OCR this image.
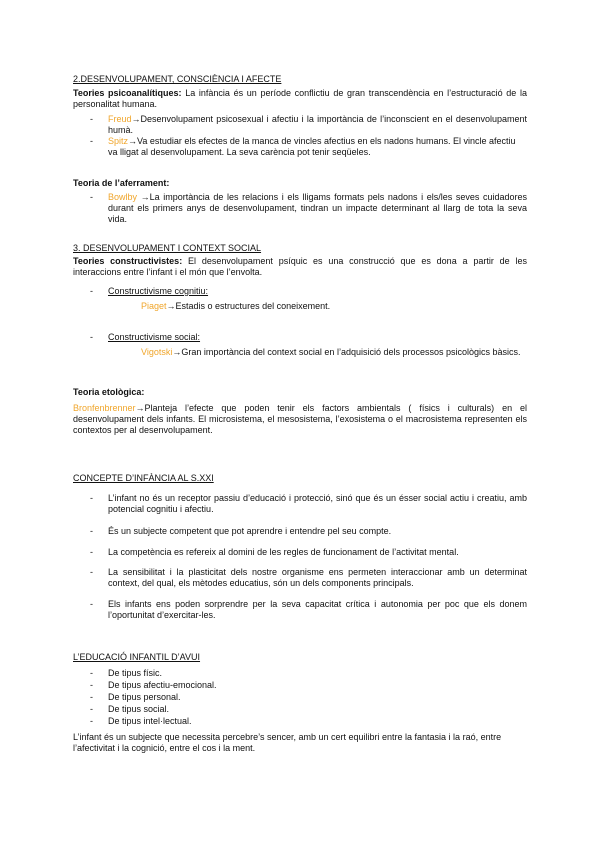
2.DESENVOLUPAMENT, CONSCIÈNCIA I AFECTE
Teories psicoanalítiques: La infància és un període conflictiu de gran transcendència en l’estructuració de la personalitat humana.
-	Freud→Desenvolupament psicosexual i afectiu i la importància de l’inconscient en el desenvolupament humà.
-	Spitz→Va estudiar els efectes de la manca de vincles afectius en els nadons humans. El vincle afectiu va lligat al desenvolupament. La seva carència pot tenir seqüeles.
Teoria de l’aferrament:
-	Bowlby →La importància de les relacions i els lligams formats pels nadons i els/les seves cuidadores durant els primers anys de desenvolupament, tindran un impacte determinant al llarg de tota la seva vida.
3. DESENVOLUPAMENT I CONTEXT SOCIAL
Teories constructivistes: El desenvolupament psíquic es una construcció que es dona a partir de les interaccions entre l’infant i el món que l’envolta.
-	Constructivisme cognitiu:
Piaget→Estadis o estructures del coneixement.
-	Constructivisme social:
Vigotski→Gran importància del context social en l’adquisició dels processos psicològics bàsics.
Teoria etològica:
Bronfenbrenner→Planteja l’efecte que poden tenir els factors ambientals ( físics i culturals) en el desenvolupament dels infants. El microsistema, el mesosistema, l’exosistema o el macrosistema representen els contextos per al desenvolupament.
CONCEPTE D’INFÀNCIA AL S.XXI
-	L’infant no és un receptor passiu d’educació i protecció, sinó que és un ésser social actiu i creatiu, amb potencial cognitiu i afectiu.
-	És un subjecte competent que pot aprendre i entendre pel seu compte.
-	La competència es refereix al domini de les regles de funcionament de l’activitat mental.
-	La sensibilitat i la plasticitat dels nostre organisme ens permeten interaccionar amb un determinat context, del qual, els mètodes educatius, són un dels components principals.
-	Els infants ens poden sorprendre per la seva capacitat crítica i autonomia per poc que els donem l’oportunitat d’exercitar-les.
L’EDUCACIÓ INFANTIL D’AVUI
-	De tipus físic.
-	De tipus afectiu-emocional.
-	De tipus personal.
-	De tipus social.
-	De tipus intel·lectual.
L’infant és un subjecte que necessita percebre’s sencer, amb un cert equilibri entre la fantasia i la raó, entre l’afectivitat i la cognició, entre el cos i la ment.
